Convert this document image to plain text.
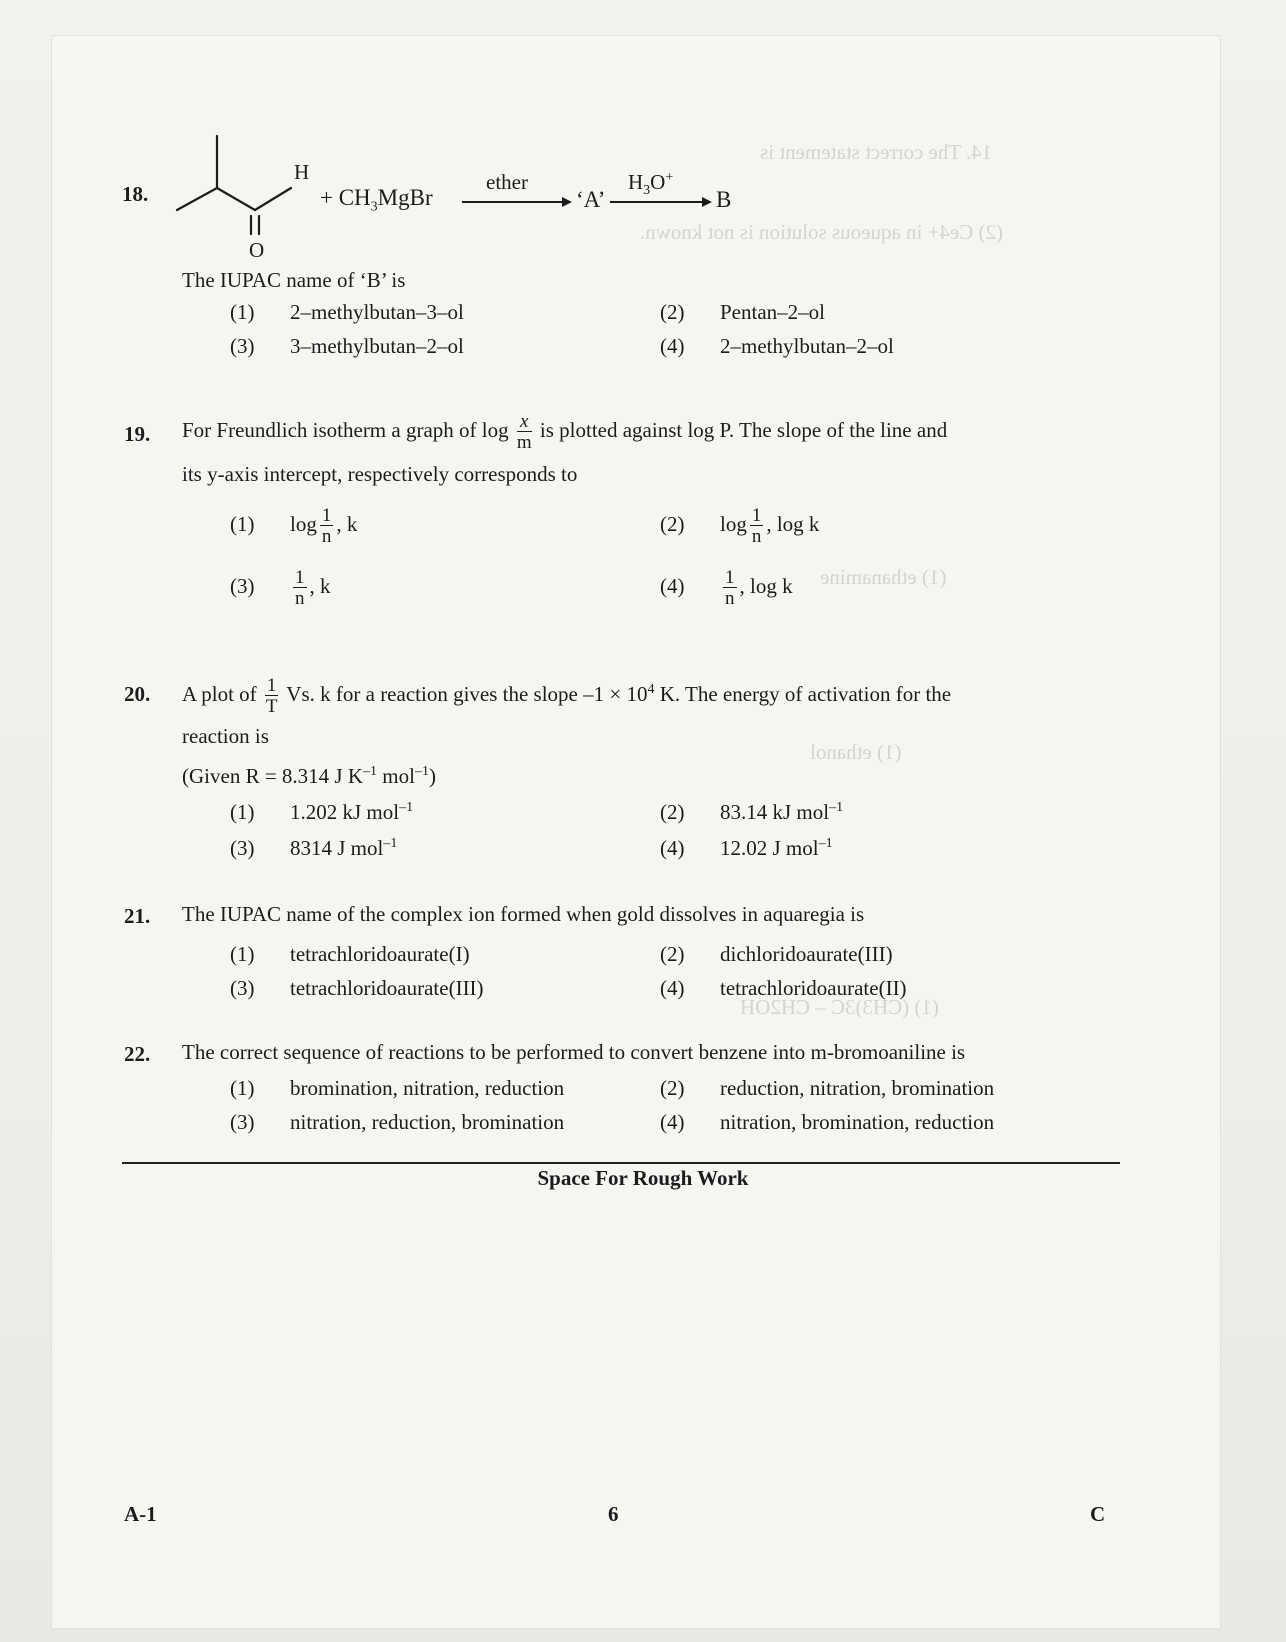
14. The correct statement is
(2) Ce4+ in aqueous solution is not known.
(1) ethanamine
(1) ethanol
(1) (CH3)3C – CH2OH
18.
H
O
+ $CH_3MgBr$
ether
‘A’
$H_3O^+$
B
The IUPAC name of ‘B’ is
(1) 2–methylbutan–3–ol	(2) Pentan–2–ol
(3) 3–methylbutan–2–ol	(4) 2–methylbutan–2–ol
19. For Freundlich isotherm a graph of $\log \frac{x}{m}$ is plotted against log P. The slope of the line and
its y-axis intercept, respectively corresponds to
(1) $\log \frac{1}{n}$ , k	(2) $\log \frac{1}{n}$ , log k
$(3) \frac{1}{n}$ , k	$(4) \frac{1}{n}$ , log k
20. A plot of $\frac{1}{T} Vs$. k for a reaction gives the slope $-1 \times 10^4$ K. The energy of activation for the
reaction is
(Given R = 8.314 J $K^{-1}$ mol$^{-1}$)
(1) 1.202 kJ mol$^{-1}$	(2) 83.14 kJ mol$^{-1}$
(3) 8314 J mol$^{-1}$	(4) 12.02 J mol$^{-1}$
21. The IUPAC name of the complex ion formed when gold dissolves in aquaregia is
(1) tetrachloridoaurate(I)	(2) dichloridoaurate(III)
(3) tetrachloridoaurate(III)	(4) tetrachloridoaurate(II)
22. The correct sequence of reactions to be performed to convert benzene into m-bromoaniline is
(1) bromination, nitration, reduction	(2) reduction, nitration, bromination
(3) nitration, reduction, bromination	(4) nitration, bromination, reduction
Space For Rough Work
A-1	6	C
